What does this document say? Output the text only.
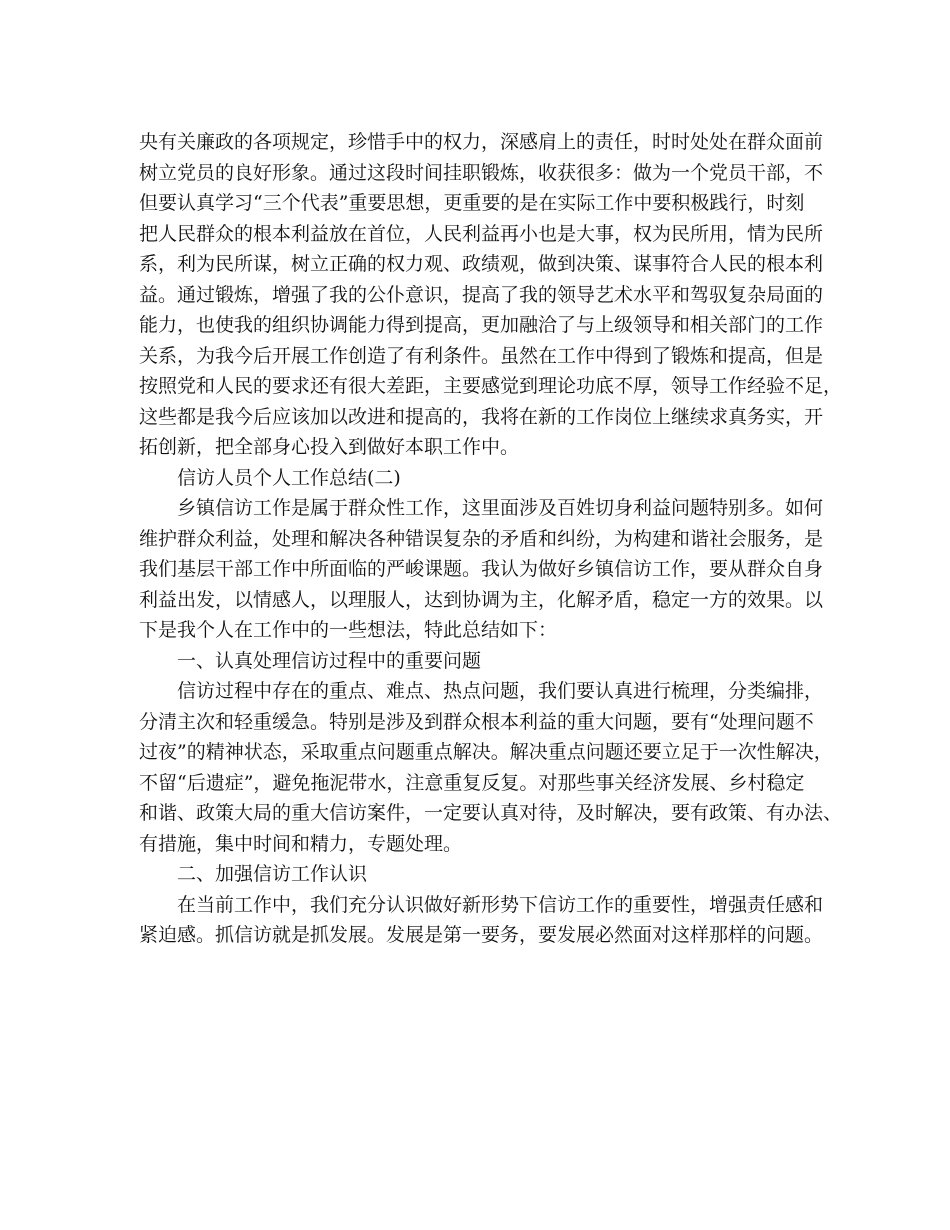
央有关廉政的各项规定，珍惜手中的权力，深感肩上的责任，时时处处在群众面前
树立党员的良好形象。通过这段时间挂职锻炼，收获很多：做为一个党员干部，不
但要认真学习“三个代表”重要思想，更重要的是在实际工作中要积极践行，时刻
把人民群众的根本利益放在首位，人民利益再小也是大事，权为民所用，情为民所
系，利为民所谋，树立正确的权力观、政绩观，做到决策、谋事符合人民的根本利
益。通过锻炼，增强了我的公仆意识，提高了我的领导艺术水平和驾驭复杂局面的
能力，也使我的组织协调能力得到提高，更加融洽了与上级领导和相关部门的工作
关系，为我今后开展工作创造了有利条件。虽然在工作中得到了锻炼和提高，但是
按照党和人民的要求还有很大差距，主要感觉到理论功底不厚，领导工作经验不足，
这些都是我今后应该加以改进和提高的，我将在新的工作岗位上继续求真务实，开
拓创新，把全部身心投入到做好本职工作中。
信访人员个人工作总结(二)
乡镇信访工作是属于群众性工作，这里面涉及百姓切身利益问题特别多。如何
维护群众利益，处理和解决各种错误复杂的矛盾和纠纷，为构建和谐社会服务，是
我们基层干部工作中所面临的严峻课题。我认为做好乡镇信访工作，要从群众自身
利益出发，以情感人，以理服人，达到协调为主，化解矛盾，稳定一方的效果。以
下是我个人在工作中的一些想法，特此总结如下：
一、认真处理信访过程中的重要问题
信访过程中存在的重点、难点、热点问题，我们要认真进行梳理，分类编排，
分清主次和轻重缓急。特别是涉及到群众根本利益的重大问题，要有“处理问题不
过夜”的精神状态，采取重点问题重点解决。解决重点问题还要立足于一次性解决，
不留“后遗症”，避免拖泥带水，注意重复反复。对那些事关经济发展、乡村稳定
和谐、政策大局的重大信访案件，一定要认真对待，及时解决，要有政策、有办法、
有措施，集中时间和精力，专题处理。
二、加强信访工作认识
在当前工作中，我们充分认识做好新形势下信访工作的重要性，增强责任感和
紧迫感。抓信访就是抓发展。发展是第一要务，要发展必然面对这样那样的问题。
